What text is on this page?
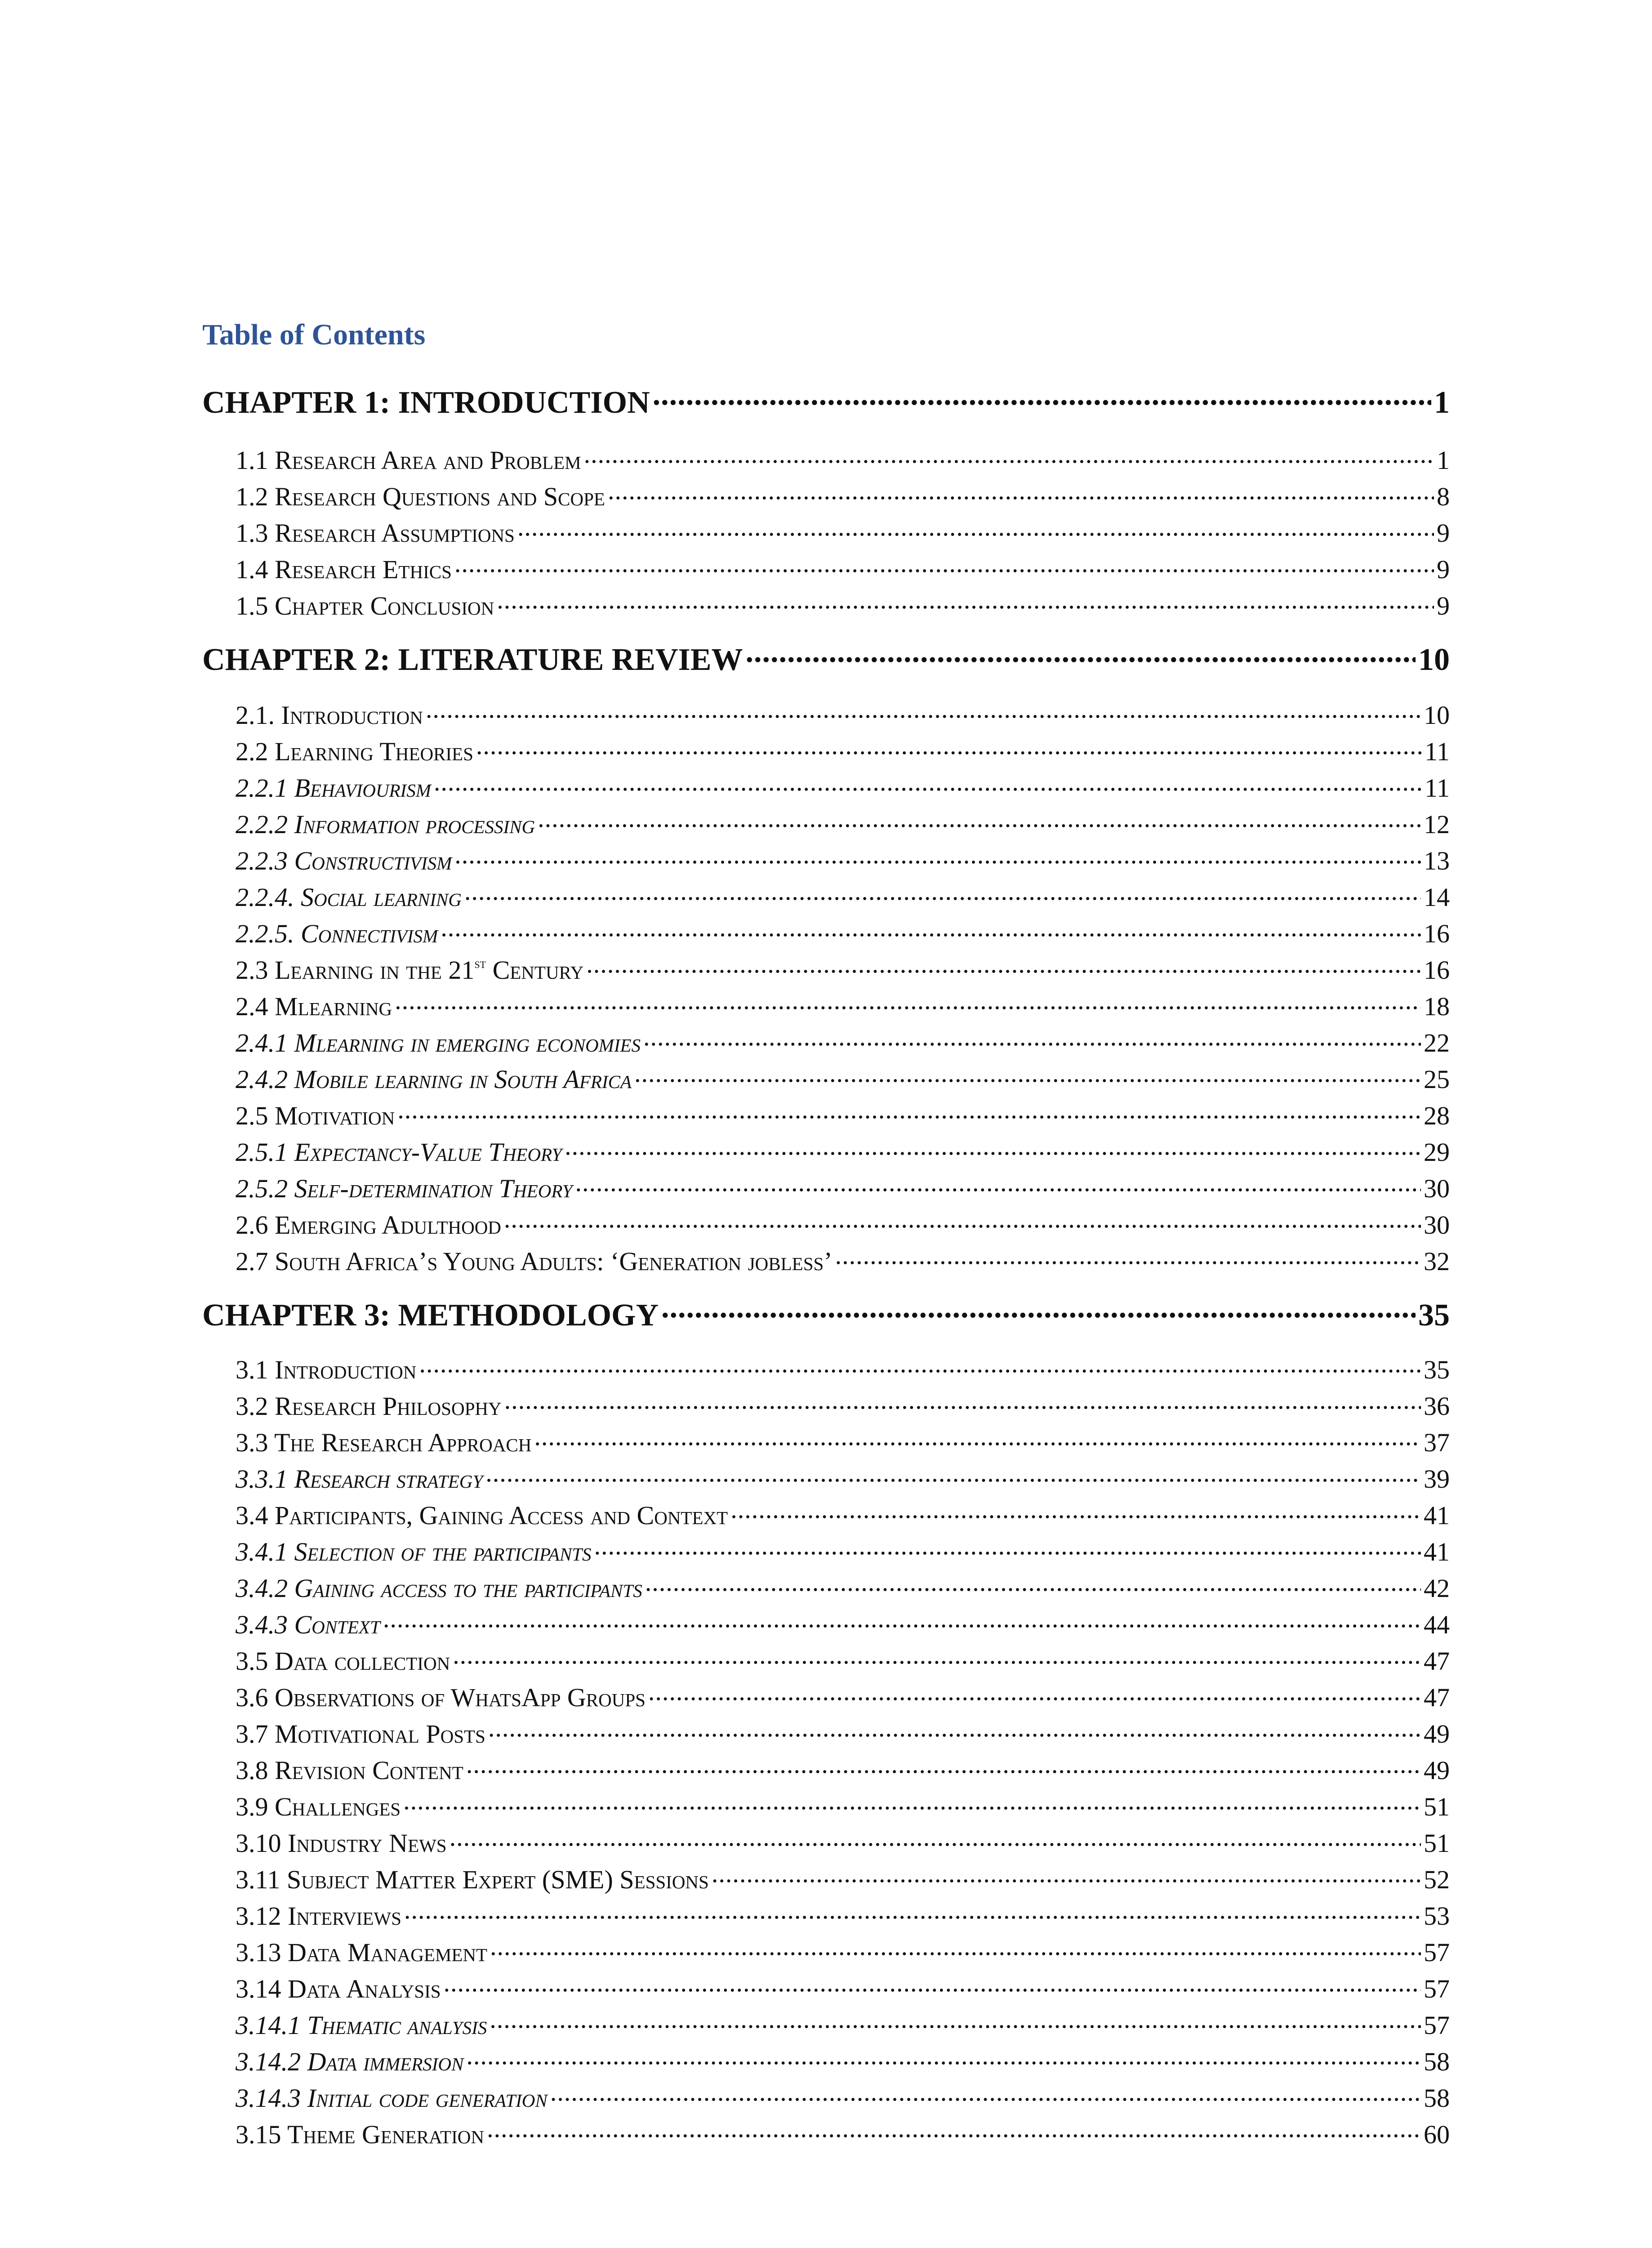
Table of Contents
CHAPTER 1: INTRODUCTION .....	1
1.1 Research Area and Problem .....	1
1.2 Research Questions and Scope .....	8
1.3 Research Assumptions .....	9
1.4 Research Ethics .....	9
1.5 Chapter Conclusion .....	9
CHAPTER 2: LITERATURE REVIEW .....	10
2.1. Introduction .....	10
2.2 Learning Theories .....	11
2.2.1 Behaviourism .....	11
2.2.2 Information processing .....	12
2.2.3 Constructivism .....	13
2.2.4. Social learning .....	14
2.2.5. Connectivism .....	16
2.3 Learning in the 21st Century .....	16
2.4 Mlearning .....	18
2.4.1 Mlearning in emerging economies .....	22
2.4.2 Mobile learning in South Africa .....	25
2.5 Motivation .....	28
2.5.1 Expectancy-Value Theory .....	29
2.5.2 Self-determination Theory .....	30
2.6 Emerging Adulthood .....	30
2.7 South Africa’s Young Adults: ‘Generation jobless’ .....	32
CHAPTER 3: METHODOLOGY .....	35
3.1 Introduction .....	35
3.2 Research Philosophy .....	36
3.3 The Research Approach .....	37
3.3.1 Research strategy .....	39
3.4 Participants, Gaining Access and Context .....	41
3.4.1 Selection of the participants .....	41
3.4.2 Gaining access to the participants .....	42
3.4.3 Context .....	44
3.5 Data collection .....	47
3.6 Observations of WhatsApp Groups .....	47
3.7 Motivational Posts .....	49
3.8 Revision Content .....	49
3.9 Challenges .....	51
3.10 Industry News .....	51
3.11 Subject Matter Expert (SME) Sessions .....	52
3.12 Interviews .....	53
3.13 Data Management .....	57
3.14 Data Analysis .....	57
3.14.1 Thematic analysis .....	57
3.14.2 Data immersion .....	58
3.14.3 Initial code generation .....	58
3.15 Theme Generation .....	60
